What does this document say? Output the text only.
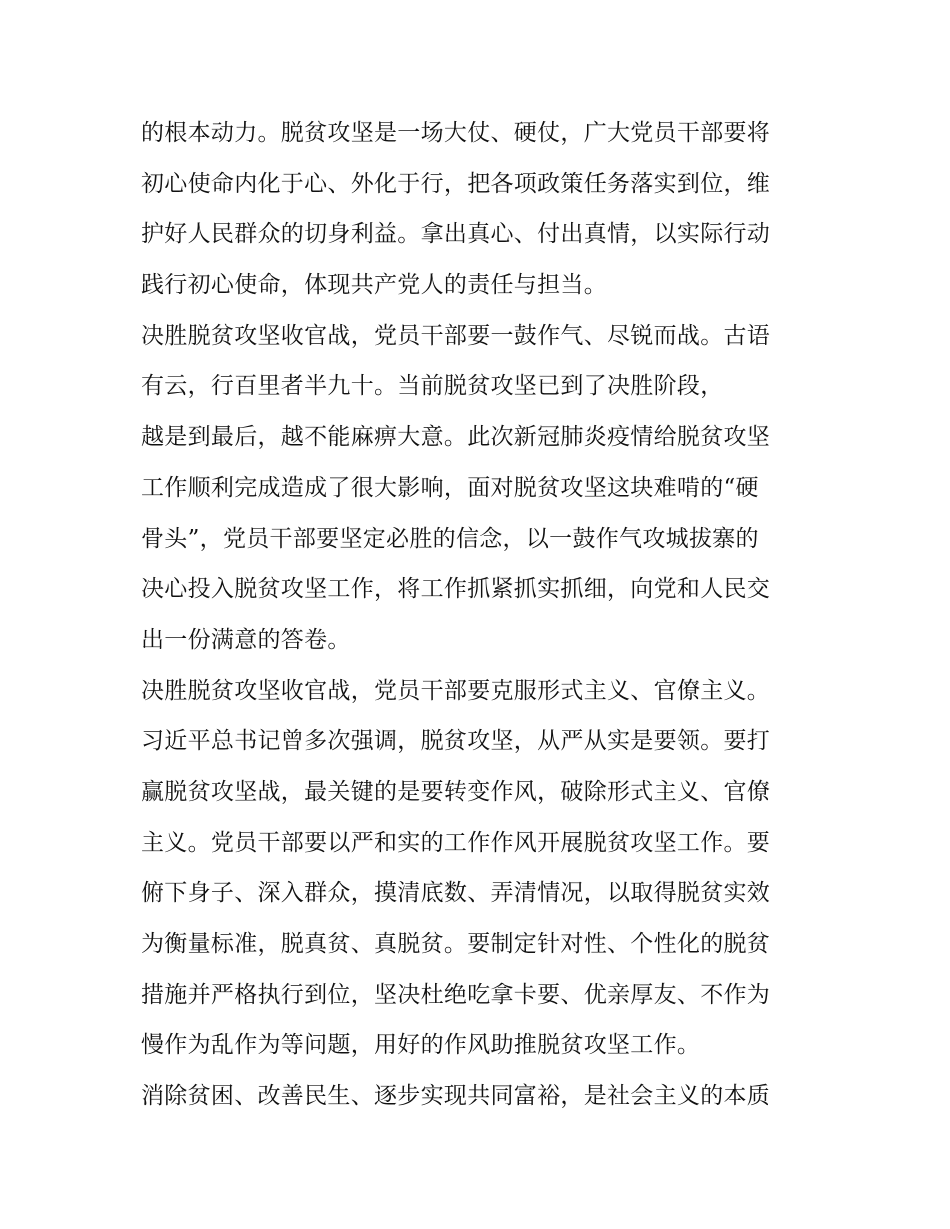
的根本动力。脱贫攻坚是一场大仗、硬仗，广大党员干部要将
初心使命内化于心、外化于行，把各项政策任务落实到位，维
护好人民群众的切身利益。拿出真心、付出真情，以实际行动
践行初心使命，体现共产党人的责任与担当。
决胜脱贫攻坚收官战，党员干部要一鼓作气、尽锐而战。古语
有云，行百里者半九十。当前脱贫攻坚已到了决胜阶段，
越是到最后，越不能麻痹大意。此次新冠肺炎疫情给脱贫攻坚
工作顺利完成造成了很大影响，面对脱贫攻坚这块难啃的“硬
骨头”，党员干部要坚定必胜的信念，以一鼓作气攻城拔寨的
决心投入脱贫攻坚工作，将工作抓紧抓实抓细，向党和人民交
出一份满意的答卷。
决胜脱贫攻坚收官战，党员干部要克服形式主义、官僚主义。
习近平总书记曾多次强调，脱贫攻坚，从严从实是要领。要打
赢脱贫攻坚战，最关键的是要转变作风，破除形式主义、官僚
主义。党员干部要以严和实的工作作风开展脱贫攻坚工作。要
俯下身子、深入群众，摸清底数、弄清情况，以取得脱贫实效
为衡量标准，脱真贫、真脱贫。要制定针对性、个性化的脱贫
措施并严格执行到位，坚决杜绝吃拿卡要、优亲厚友、不作为
慢作为乱作为等问题，用好的作风助推脱贫攻坚工作。
消除贫困、改善民生、逐步实现共同富裕，是社会主义的本质
